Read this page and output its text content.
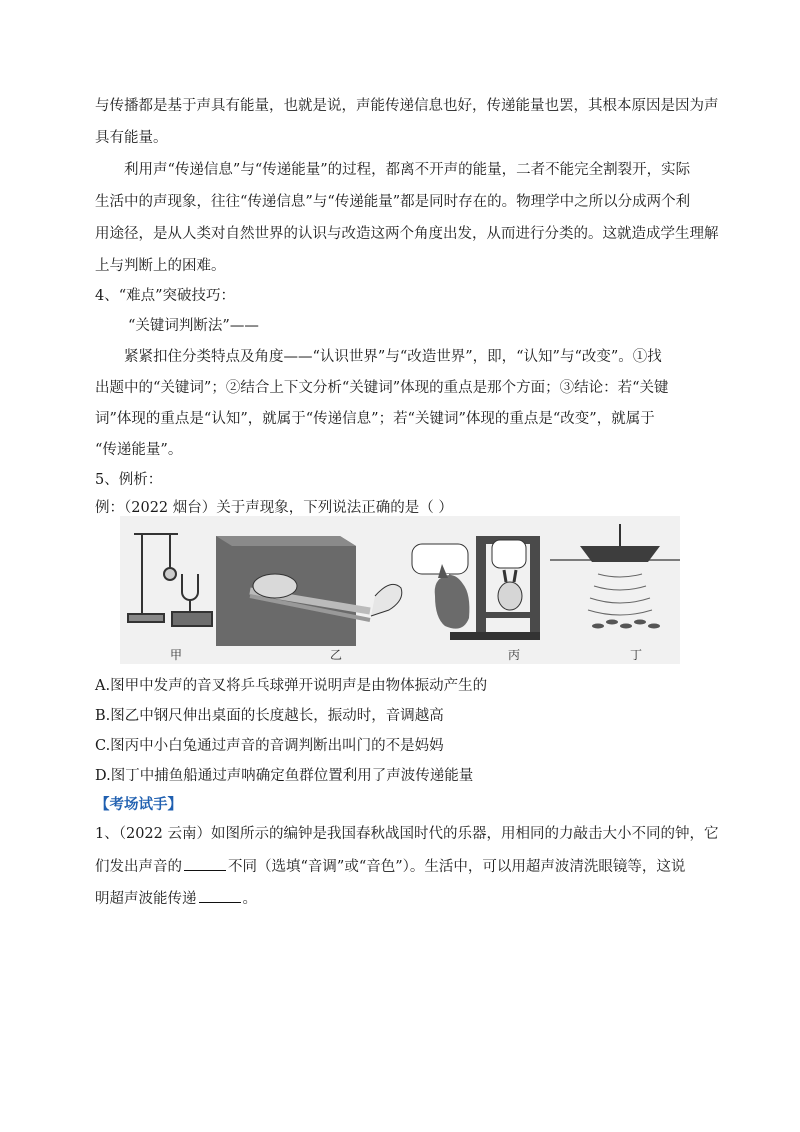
与传播都是基于声具有能量，也就是说，声能传递信息也好，传递能量也罢，其根本原因是因为声
具有能量。
利用声“传递信息”与“传递能量”的过程，都离不开声的能量，二者不能完全割裂开，实际
生活中的声现象，往往“传递信息”与“传递能量”都是同时存在的。物理学中之所以分成两个利
用途径，是从人类对自然世界的认识与改造这两个角度出发，从而进行分类的。这就造成学生理解
上与判断上的困难。
4、“难点”突破技巧：
“关键词判断法”——
紧紧扣住分类特点及角度——“认识世界”与“改造世界”，即，“认知”与“改变”。①找
出题中的“关键词”；②结合上下文分析“关键词”体现的重点是那个方面；③结论：若“关键
词”体现的重点是“认知”，就属于“传递信息”；若“关键词”体现的重点是“改变”，就属于
“传递能量”。
5、例析：
例：（2022 烟台）关于声现象，下列说法正确的是（ ）
甲	乙	丙	丁
A.图甲中发声的音叉将乒乓球弹开说明声是由物体振动产生的
B.图乙中钢尺伸出桌面的长度越长，振动时，音调越高
C.图丙中小白兔通过声音的音调判断出叫门的不是妈妈
D.图丁中捕鱼船通过声呐确定鱼群位置利用了声波传递能量
【考场试手】
1、（2022 云南）如图所示的编钟是我国春秋战国时代的乐器，用相同的力敲击大小不同的钟，它
们发出声音的	不同（选填“音调”或“音色”）。生活中，可以用超声波清洗眼镜等，这说
明超声波能传递	。
